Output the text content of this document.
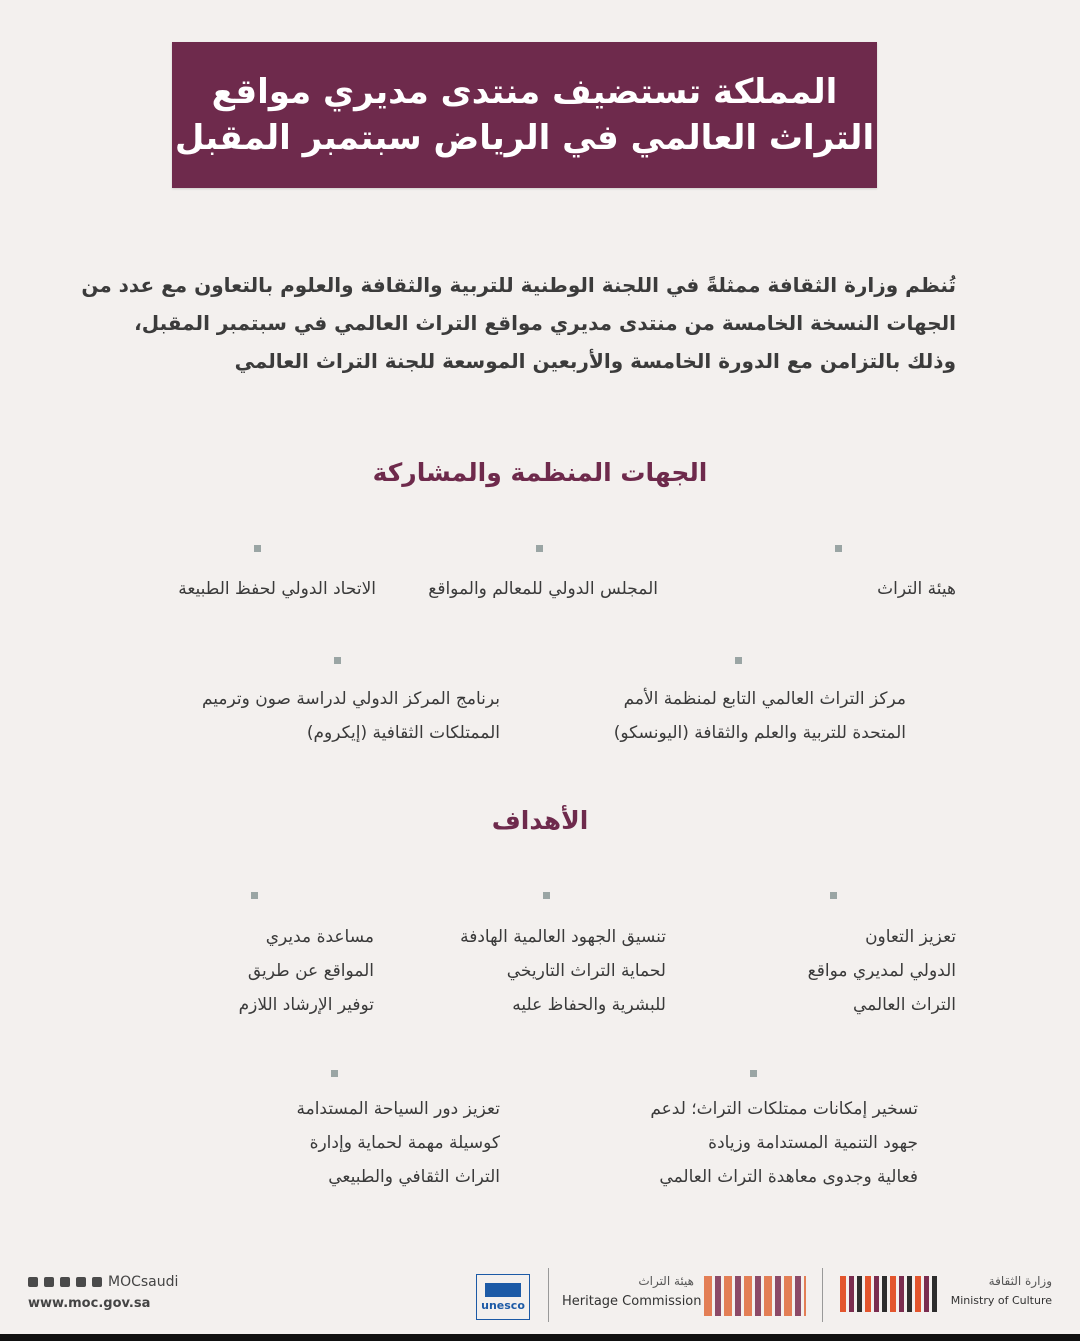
المملكة تستضيف منتدى مديري مواقع
التراث العالمي في الرياض سبتمبر المقبل

تُنظم وزارة الثقافة ممثلةً في اللجنة الوطنية للتربية والثقافة والعلوم بالتعاون مع عدد من

الجهات النسخة الخامسة من منتدى مديري مواقع التراث العالمي في سبتمبر المقبل،

وذلك بالتزامن مع الدورة الخامسة والأربعين الموسعة للجنة التراث العالمي

الجهات المنظمة والمشاركة

هيئة التراث

المجلس الدولي للمعالم والمواقع

الاتحاد الدولي لحفظ الطبيعة

مركز التراث العالمي التابع لمنظمة الأمم

المتحدة للتربية والعلم والثقافة (اليونسكو)

برنامج المركز الدولي لدراسة صون وترميم

الممتلكات الثقافية (إيكروم)

الأهداف

تعزيز التعاون

الدولي لمديري مواقع

التراث العالمي

تنسيق الجهود العالمية الهادفة

لحماية التراث التاريخي

للبشرية والحفاظ عليه

مساعدة مديري

المواقع عن طريق

توفير الإرشاد اللازم

تسخير إمكانات ممتلكات التراث؛ لدعم

جهود التنمية المستدامة وزيادة

فعالية وجدوى معاهدة التراث العالمي

تعزيز دور السياحة المستدامة

كوسيلة مهمة لحماية وإدارة

التراث الثقافي والطبيعي

MOCsaudi
www.moc.gov.sa	unesco
هيئة التراث
Heritage Commission
وزارة الثقافة
Ministry of Culture
